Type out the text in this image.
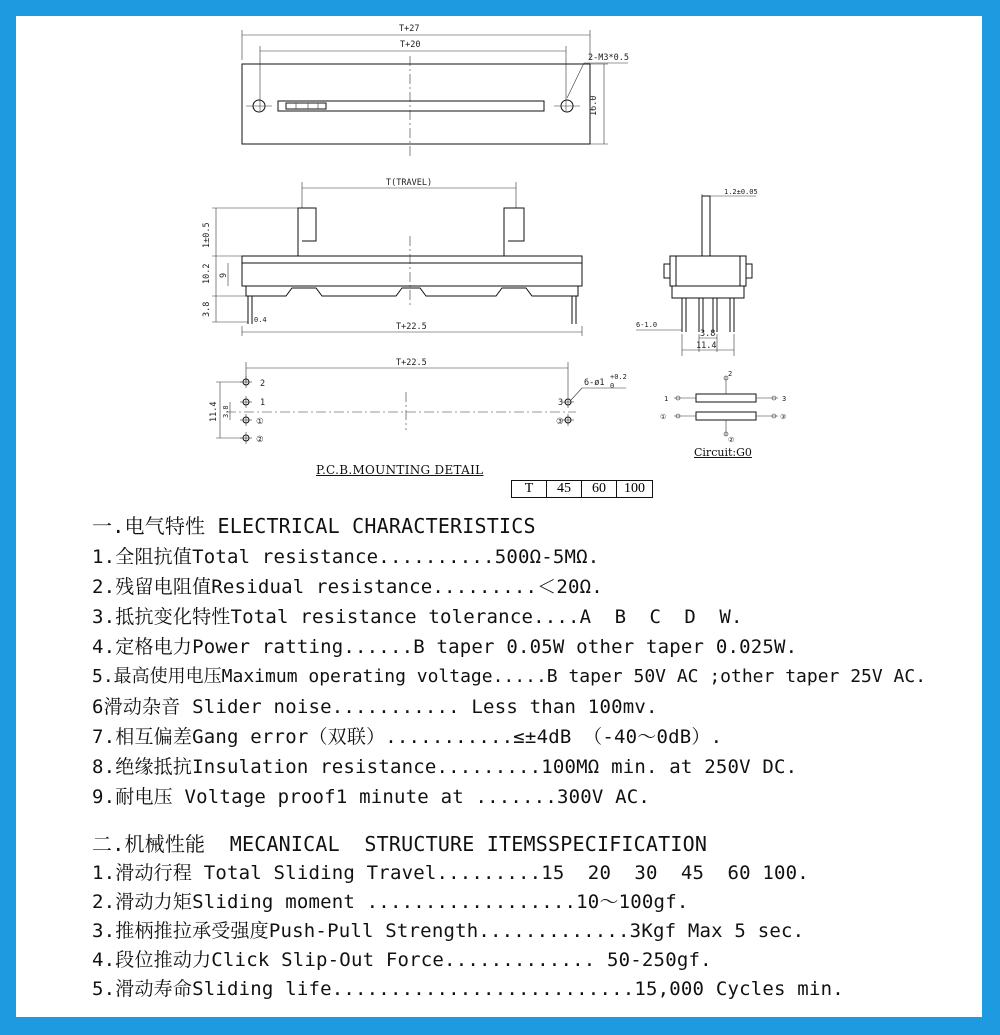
T+27
T+20
2-M3*0.5
16.0
T(TRAVEL)
1±0.5
10.2 9
3.8
0.4
T+22.5
1.2±0.05
6-1.0
3.8
11.4
T+22.5
11.4 3.8
2
1
①
②
3
③
6-ø1
+0.2
0
1
2
3
①
②
③
P.C.B.MOUNTING DETAIL
Circuit:G0
T	45	60	100
一.电气特性 ELECTRICAL CHARACTERISTICS
1.全阻抗值Total resistance..........500Ω-5MΩ.
2.残留电阻值Residual resistance.........＜20Ω.
3.抵抗变化特性Total resistance tolerance....A  B  C  D  W.
4.定格电力Power ratting......B taper 0.05W other taper 0.025W.
5.最高使用电压Maximum operating voltage.....B taper 50V AC ;other taper 25V AC.
6滑动杂音 Slider noise........... Less than 100mv.
7.相互偏差Gang error（双联）...........≤±4dB （-40～0dB）.
8.绝缘抵抗Insulation resistance.........100MΩ min. at 250V DC.
9.耐电压 Voltage proof1 minute at .......300V AC.
二.机械性能  MECANICAL  STRUCTURE ITEMSSPECIFICATION
1.滑动行程 Total Sliding Travel.........15  20  30  45  60 100.
2.滑动力矩Sliding moment ..................10～100gf.
3.推柄推拉承受强度Push-Pull Strength.............3Kgf Max 5 sec.
4.段位推动力Click Slip-Out Force............. 50-250gf.
5.滑动寿命Sliding life..........................15,000 Cycles min.
